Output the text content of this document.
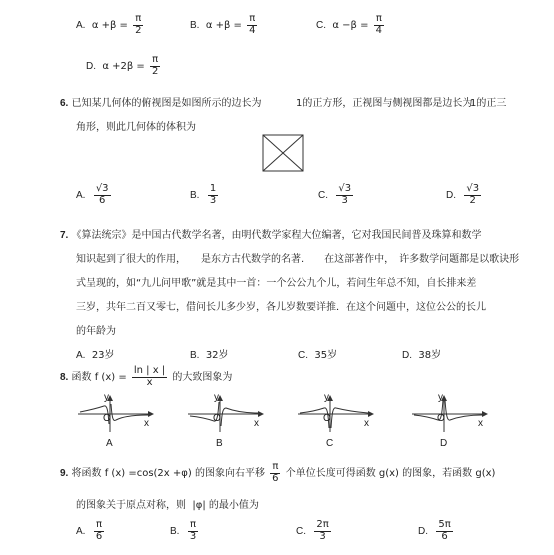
A. $\alpha +\beta = \frac{\pi}{2}$	B. $\alpha +\beta = \frac{\pi}{4}$	C. $\alpha -\beta = \frac{\pi}{4}$
D. $\alpha +2\beta = \frac{\pi}{2}$
6. 已知某几何体的俯视图是如图所示的边长为	1的正方形，正视图与侧视图都是边长为
1的正三
角形，则此几何体的体积为
A. $\frac{√3}{6}$	B. $\frac{1}{3}$	C. $\frac{√3}{3}$	D. $\frac{√3}{2}$
7. 《算法统宗》是中国古代数学名著，由明代数学家程大位编著，它对我国民间普及珠算和数学
知识起到了很大的作用，　　是东方古代数学的名著.　　在这部著作中，　许多数学问题都是以歌诀形
式呈现的，如“九儿问甲歌”就是其中一首：一个公公九个儿，若问生年总不知，自长排来差
三岁，共年二百又零七，借问长儿多少岁，各儿岁数要详推．在这个问题中，这位公公的长儿
的年龄为
A. 23岁	B. 32岁	C. 35岁	D. 38岁
8. 函数 f $(x) = \frac{\ln | x |}{x}$ 的大致图象为
y
O	x
y
O	x
y
O	x
y
O	x
A	B	C	D
9. 将函数 f (x) =cos(2x +φ) 的图象向右平移 $\frac{\pi}{6}$ 个单位长度可得函数 g(x) 的图象，若函数 g(x)
的图象关于原点对称，则 |φ| 的最小值为
A. $\frac{\pi}{6}$	B. $\frac{\pi}{3}$	C. $\frac{2\pi}{3}$	D. $\frac{5\pi}{6}$
